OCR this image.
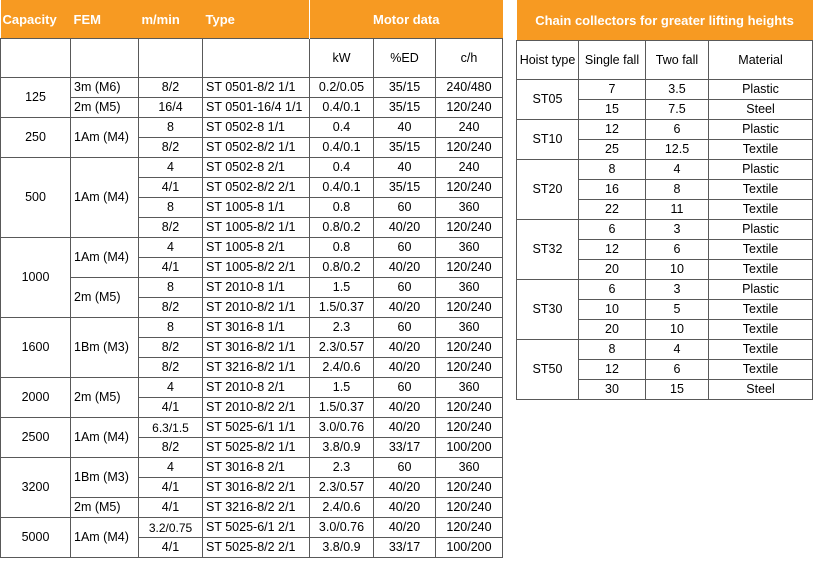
Capacity	FEM	m/min	Type	Motor data		
				kW	%ED	c/h
125	3m (M6)	8/2	ST 0501-8/2 1/1	0.2/0.05	35/15	240/480
	2m (M5)	16/4	ST 0501-16/4 1/1	0.4/0.1	35/15	120/240
250	1Am (M4)	8	ST 0502-8 1/1	0.4	40	240
		8/2	ST 0502-8/2 1/1	0.4/0.1	35/15	120/240
500	1Am (M4)	4	ST 0502-8 2/1	0.4	40	240
		4/1	ST 0502-8/2 2/1	0.4/0.1	35/15	120/240
		8	ST 1005-8 1/1	0.8	60	360
		8/2	ST 1005-8/2 1/1	0.8/0.2	40/20	120/240
1000	1Am (M4)	4	ST 1005-8 2/1	0.8	60	360
		4/1	ST 1005-8/2 2/1	0.8/0.2	40/20	120/240
	2m (M5)	8	ST 2010-8 1/1	1.5	60	360
		8/2	ST 2010-8/2 1/1	1.5/0.37	40/20	120/240
1600	1Bm (M3)	8	ST 3016-8 1/1	2.3	60	360
		8/2	ST 3016-8/2 1/1	2.3/0.57	40/20	120/240
		8/2	ST 3216-8/2 1/1	2.4/0.6	40/20	120/240
2000	2m (M5)	4	ST 2010-8 2/1	1.5	60	360
		4/1	ST 2010-8/2 2/1	1.5/0.37	40/20	120/240
2500	1Am (M4)	6.3/1.5	ST 5025-6/1 1/1	3.0/0.76	40/20	120/240
		8/2	ST 5025-8/2 1/1	3.8/0.9	33/17	100/200
3200	1Bm (M3)	4	ST 3016-8 2/1	2.3	60	360
		4/1	ST 3016-8/2 2/1	2.3/0.57	40/20	120/240
	2m (M5)	4/1	ST 3216-8/2 2/1	2.4/0.6	40/20	120/240
5000	1Am (M4)	3.2/0.75	ST 5025-6/1 2/1	3.0/0.76	40/20	120/240
		4/1	ST 5025-8/2 2/1	3.8/0.9	33/17	100/200
Chain collectors for greater lifting heights			
Hoist type	Single fall	Two fall	Material
ST05	7	3.5	Plastic
	15	7.5	Steel
ST10	12	6	Plastic
	25	12.5	Textile
ST20	8	4	Plastic
	16	8	Textile
	22	11	Textile
ST32	6	3	Plastic
	12	6	Textile
	20	10	Textile
ST30	6	3	Plastic
	10	5	Textile
	20	10	Textile
ST50	8	4	Textile
	12	6	Textile
	30	15	Steel
